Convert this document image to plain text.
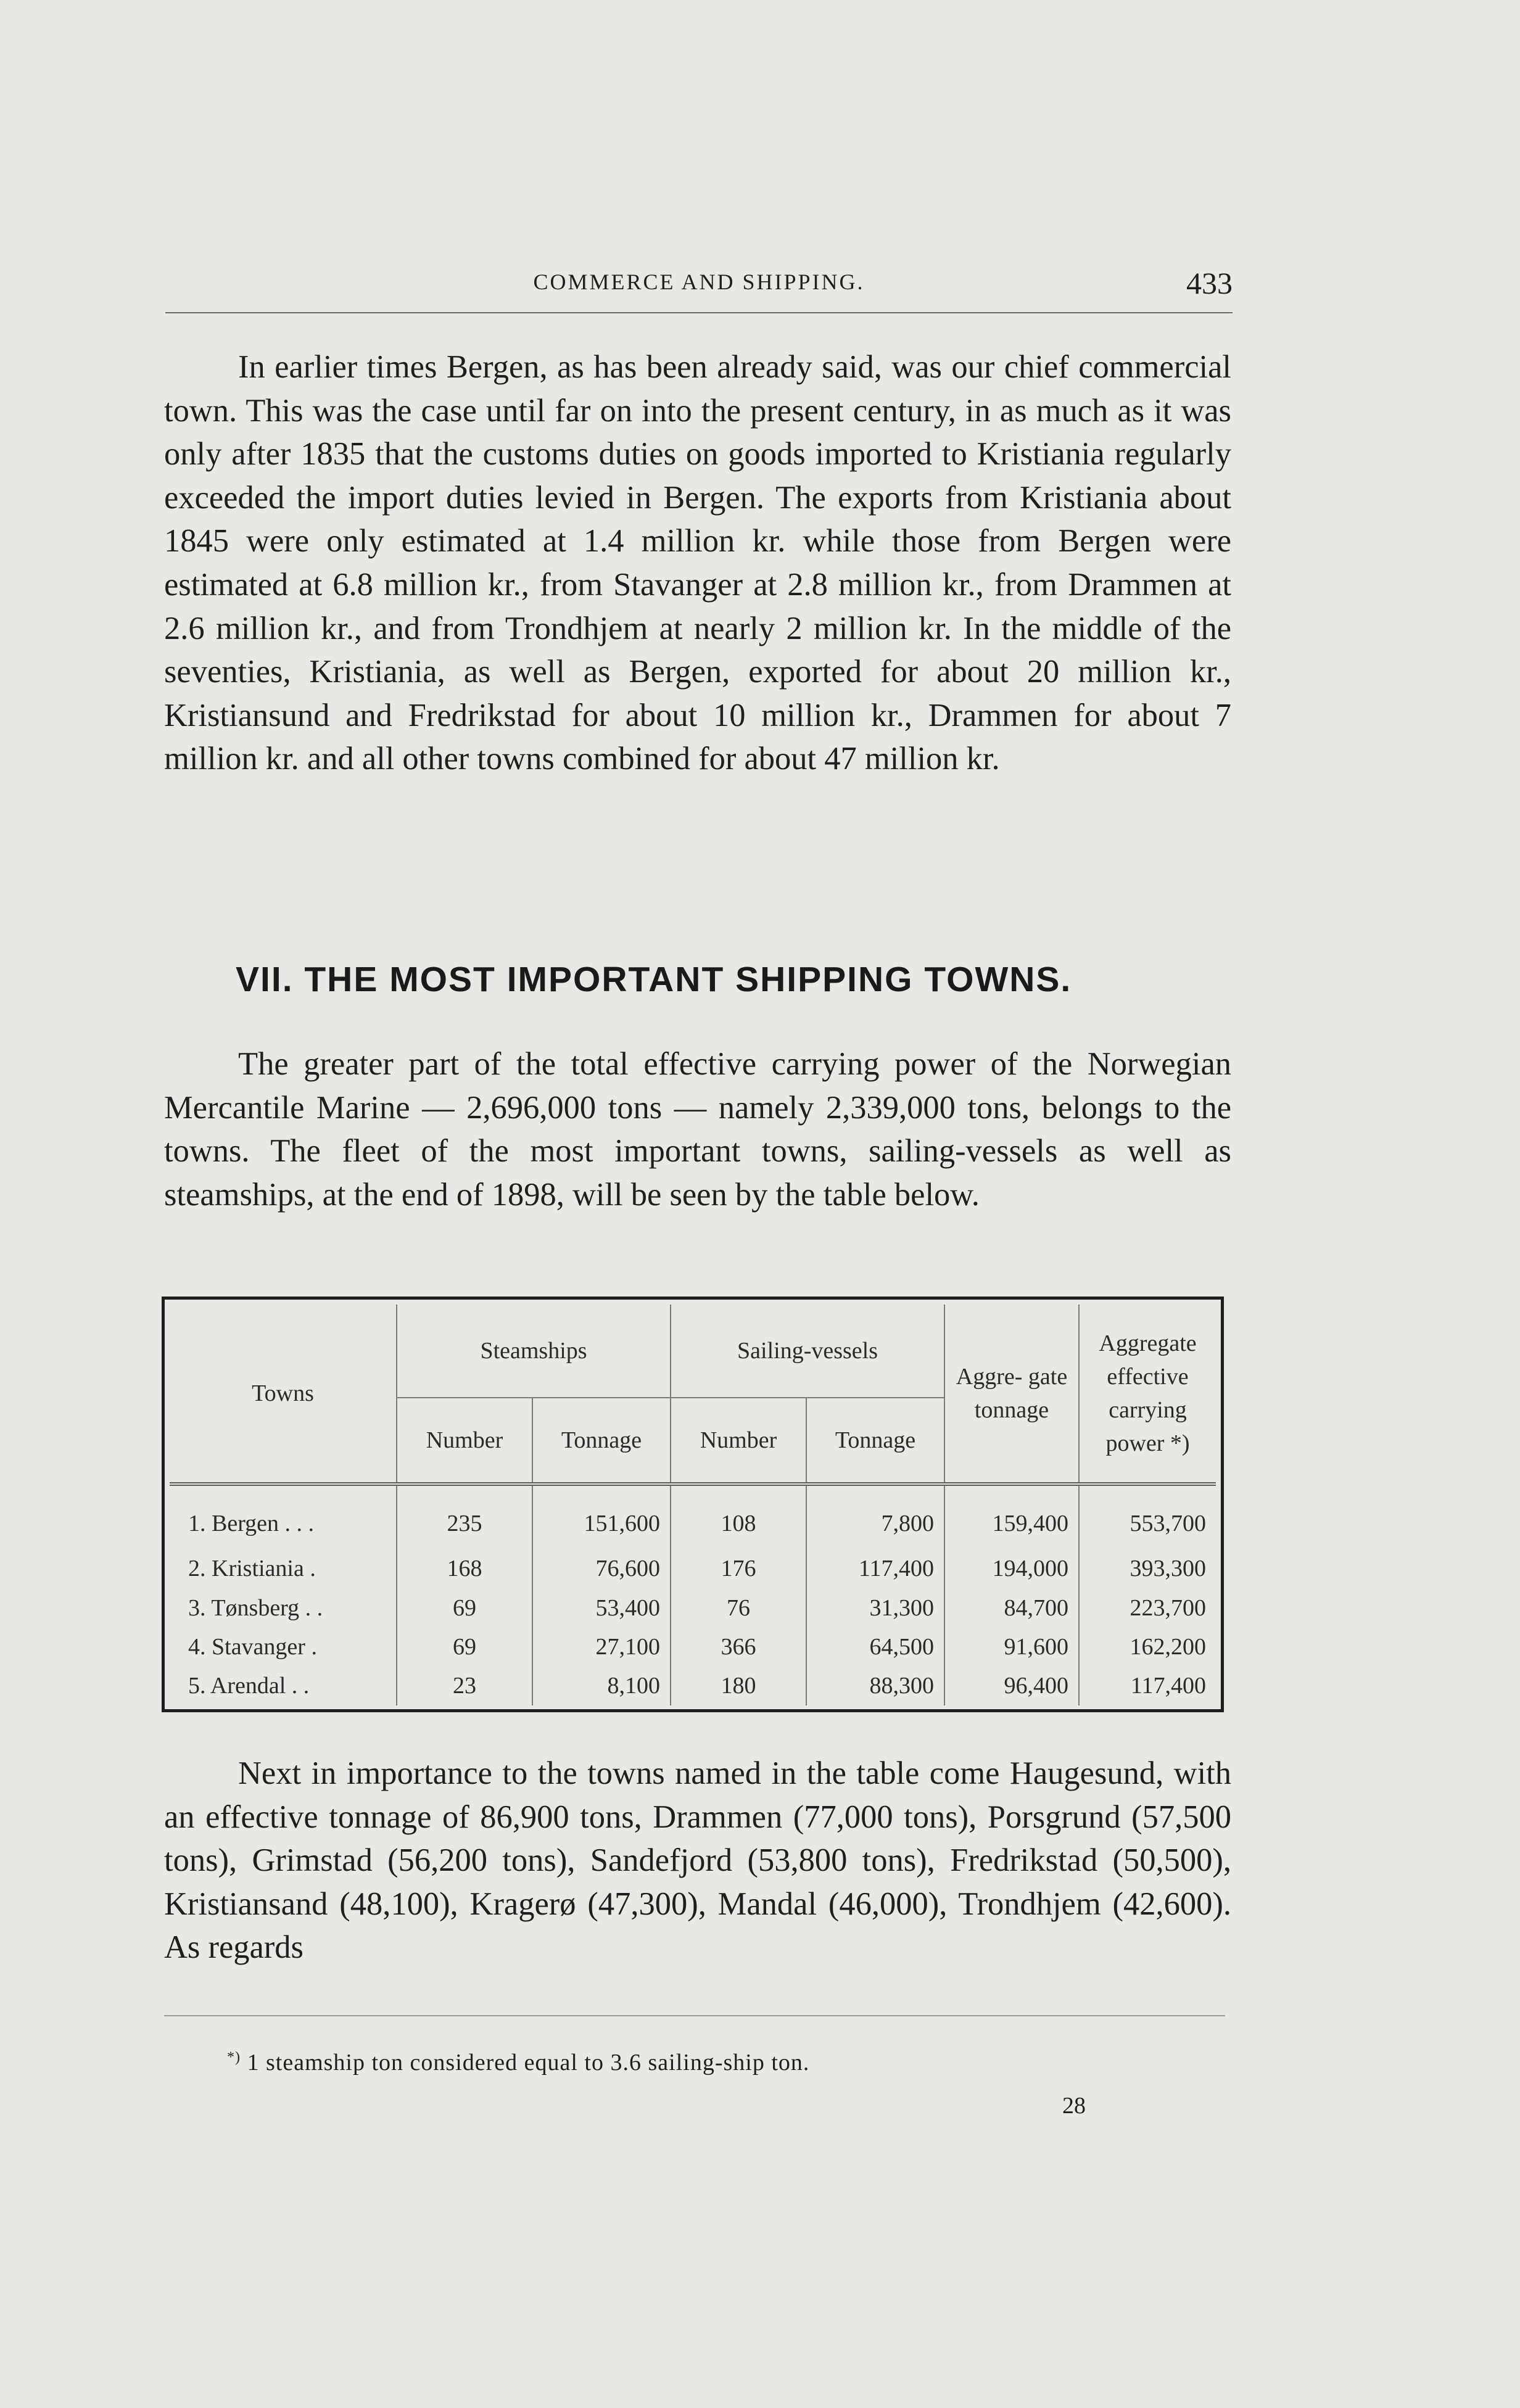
COMMERCE AND SHIPPING.	433

In earlier times Bergen, as has been already said, was our chief commercial town. This was the case until far on into the present century, in as much as it was only after 1835 that the customs duties on goods imported to Kristiania regularly exceeded the import duties levied in Bergen. The exports from Kristiania about 1845 were only estimated at 1.4 million kr. while those from Bergen were estimated at 6.8 million kr., from Stavanger at 2.8 million kr., from Drammen at 2.6 million kr., and from Trondhjem at nearly 2 million kr. In the middle of the seventies, Kristiania, as well as Bergen, exported for about 20 million kr., Kristiansund and Fredrikstad for about 10 million kr., Drammen for about 7 million kr. and all other towns combined for about 47 million kr.

VII. THE MOST IMPORTANT SHIPPING TOWNS.

The greater part of the total effective carrying power of the Norwegian Mercantile Marine — 2,696,000 tons — namely 2,339,000 tons, belongs to the towns. The fleet of the most important towns, sailing-vessels as well as steamships, at the end of 1898, will be seen by the table below.

Towns	Steamships		Sailing-vessels		Aggre- gate tonnage	Aggregate effective carrying power *)
	Number	Tonnage	Number	Tonnage		
1. Bergen . . .	235	151,600	108	7,800	159,400	553,700
2. Kristiania .	168	76,600	176	117,400	194,000	393,300
3. Tønsberg . .	69	53,400	76	31,300	84,700	223,700
4. Stavanger .	69	27,100	366	64,500	91,600	162,200
5. Arendal . .	23	8,100	180	88,300	96,400	117,400

Next in importance to the towns named in the table come Haugesund, with an effective tonnage of 86,900 tons, Drammen (77,000 tons), Porsgrund (57,500 tons), Grimstad (56,200 tons), Sandefjord (53,800 tons), Fredrikstad (50,500), Kristiansand (48,100), Kragerø (47,300), Mandal (46,000), Trondhjem (42,600). As regards

*) 1 steamship ton considered equal to 3.6 sailing-ship ton.

28
